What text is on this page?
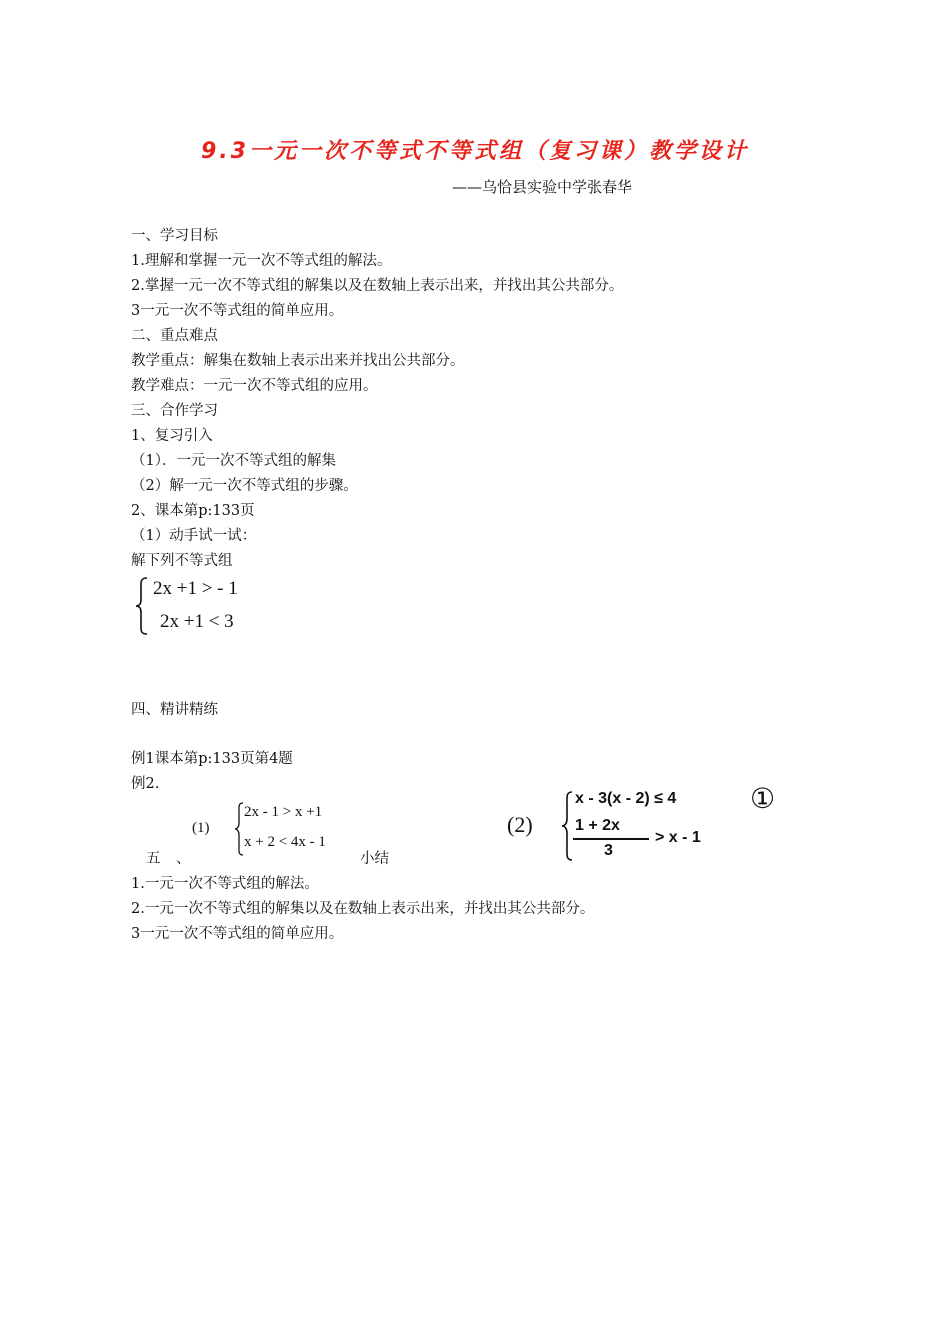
9.3一元一次不等式不等式组（复习课）教学设计
——乌恰县实验中学张春华
一、学习目标
1.理解和掌握一元一次不等式组的解法。
2.掌握一元一次不等式组的解集以及在数轴上表示出来，并找出其公共部分。
3一元一次不等式组的简单应用。
二、重点难点
教学重点：解集在数轴上表示出来并找出公共部分。
教学难点：一元一次不等式组的应用。
三、合作学习
1、复习引入
（1）．一元一次不等式组的解集
（2）解一元一次不等式组的步骤。
2、课本第p:133页
（1）动手试一试：
解下列不等式组
2x +1 > - 1
2x +1 < 3
四、精讲精练
例1课本第p:133页第4题
例2.
(1)
2x - 1 > x +1
x + 2 < 4x - 1
(2)
x - 3(x - 2) ≤ 4	①
1 + 2x
3
> x - 1
五 、	小结
1.一元一次不等式组的解法。
2.一元一次不等式组的解集以及在数轴上表示出来，并找出其公共部分。
3一元一次不等式组的简单应用。
